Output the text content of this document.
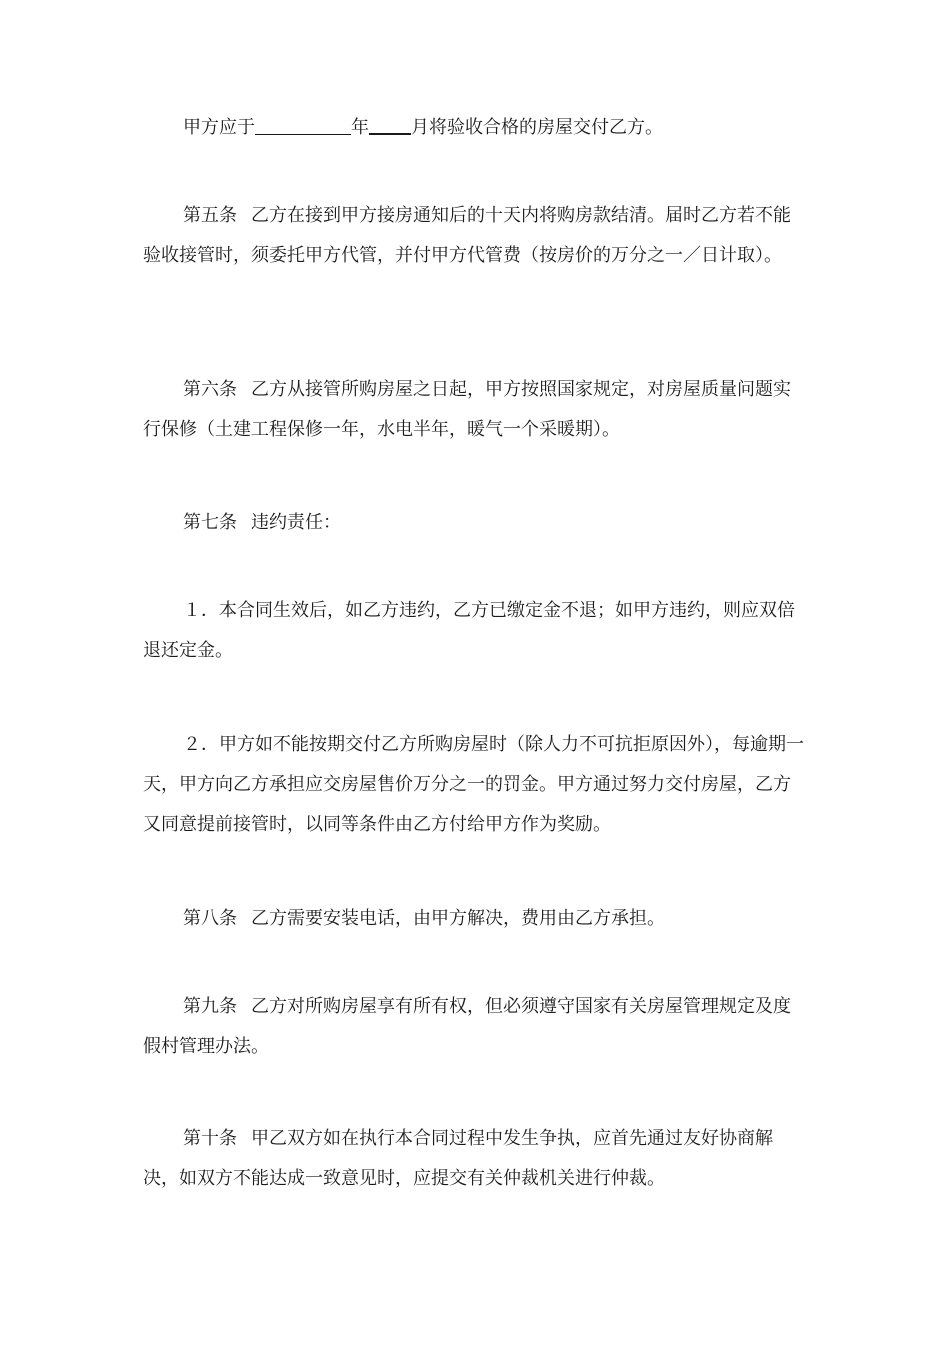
甲方应于	年 月将验收合格的房屋交付乙方。

第五条 乙方在接到甲方接房通知后的十天内将购房款结清。届时乙方若不能验收接管时，须委托甲方代管，并付甲方代管费（按房价的万分之一／日计取）。

第六条 乙方从接管所购房屋之日起，甲方按照国家规定，对房屋质量问题实行保修（土建工程保修一年，水电半年，暖气一个采暖期）。

第七条 违约责任：

１．本合同生效后，如乙方违约，乙方已缴定金不退；如甲方违约，则应双倍退还定金。

２．甲方如不能按期交付乙方所购房屋时（除人力不可抗拒原因外），每逾期一天，甲方向乙方承担应交房屋售价万分之一的罚金。甲方通过努力交付房屋，乙方又同意提前接管时，以同等条件由乙方付给甲方作为奖励。

第八条 乙方需要安装电话，由甲方解决，费用由乙方承担。

第九条 乙方对所购房屋享有所有权，但必须遵守国家有关房屋管理规定及度假村管理办法。

第十条 甲乙双方如在执行本合同过程中发生争执，应首先通过友好协商解决，如双方不能达成一致意见时，应提交有关仲裁机关进行仲裁。
